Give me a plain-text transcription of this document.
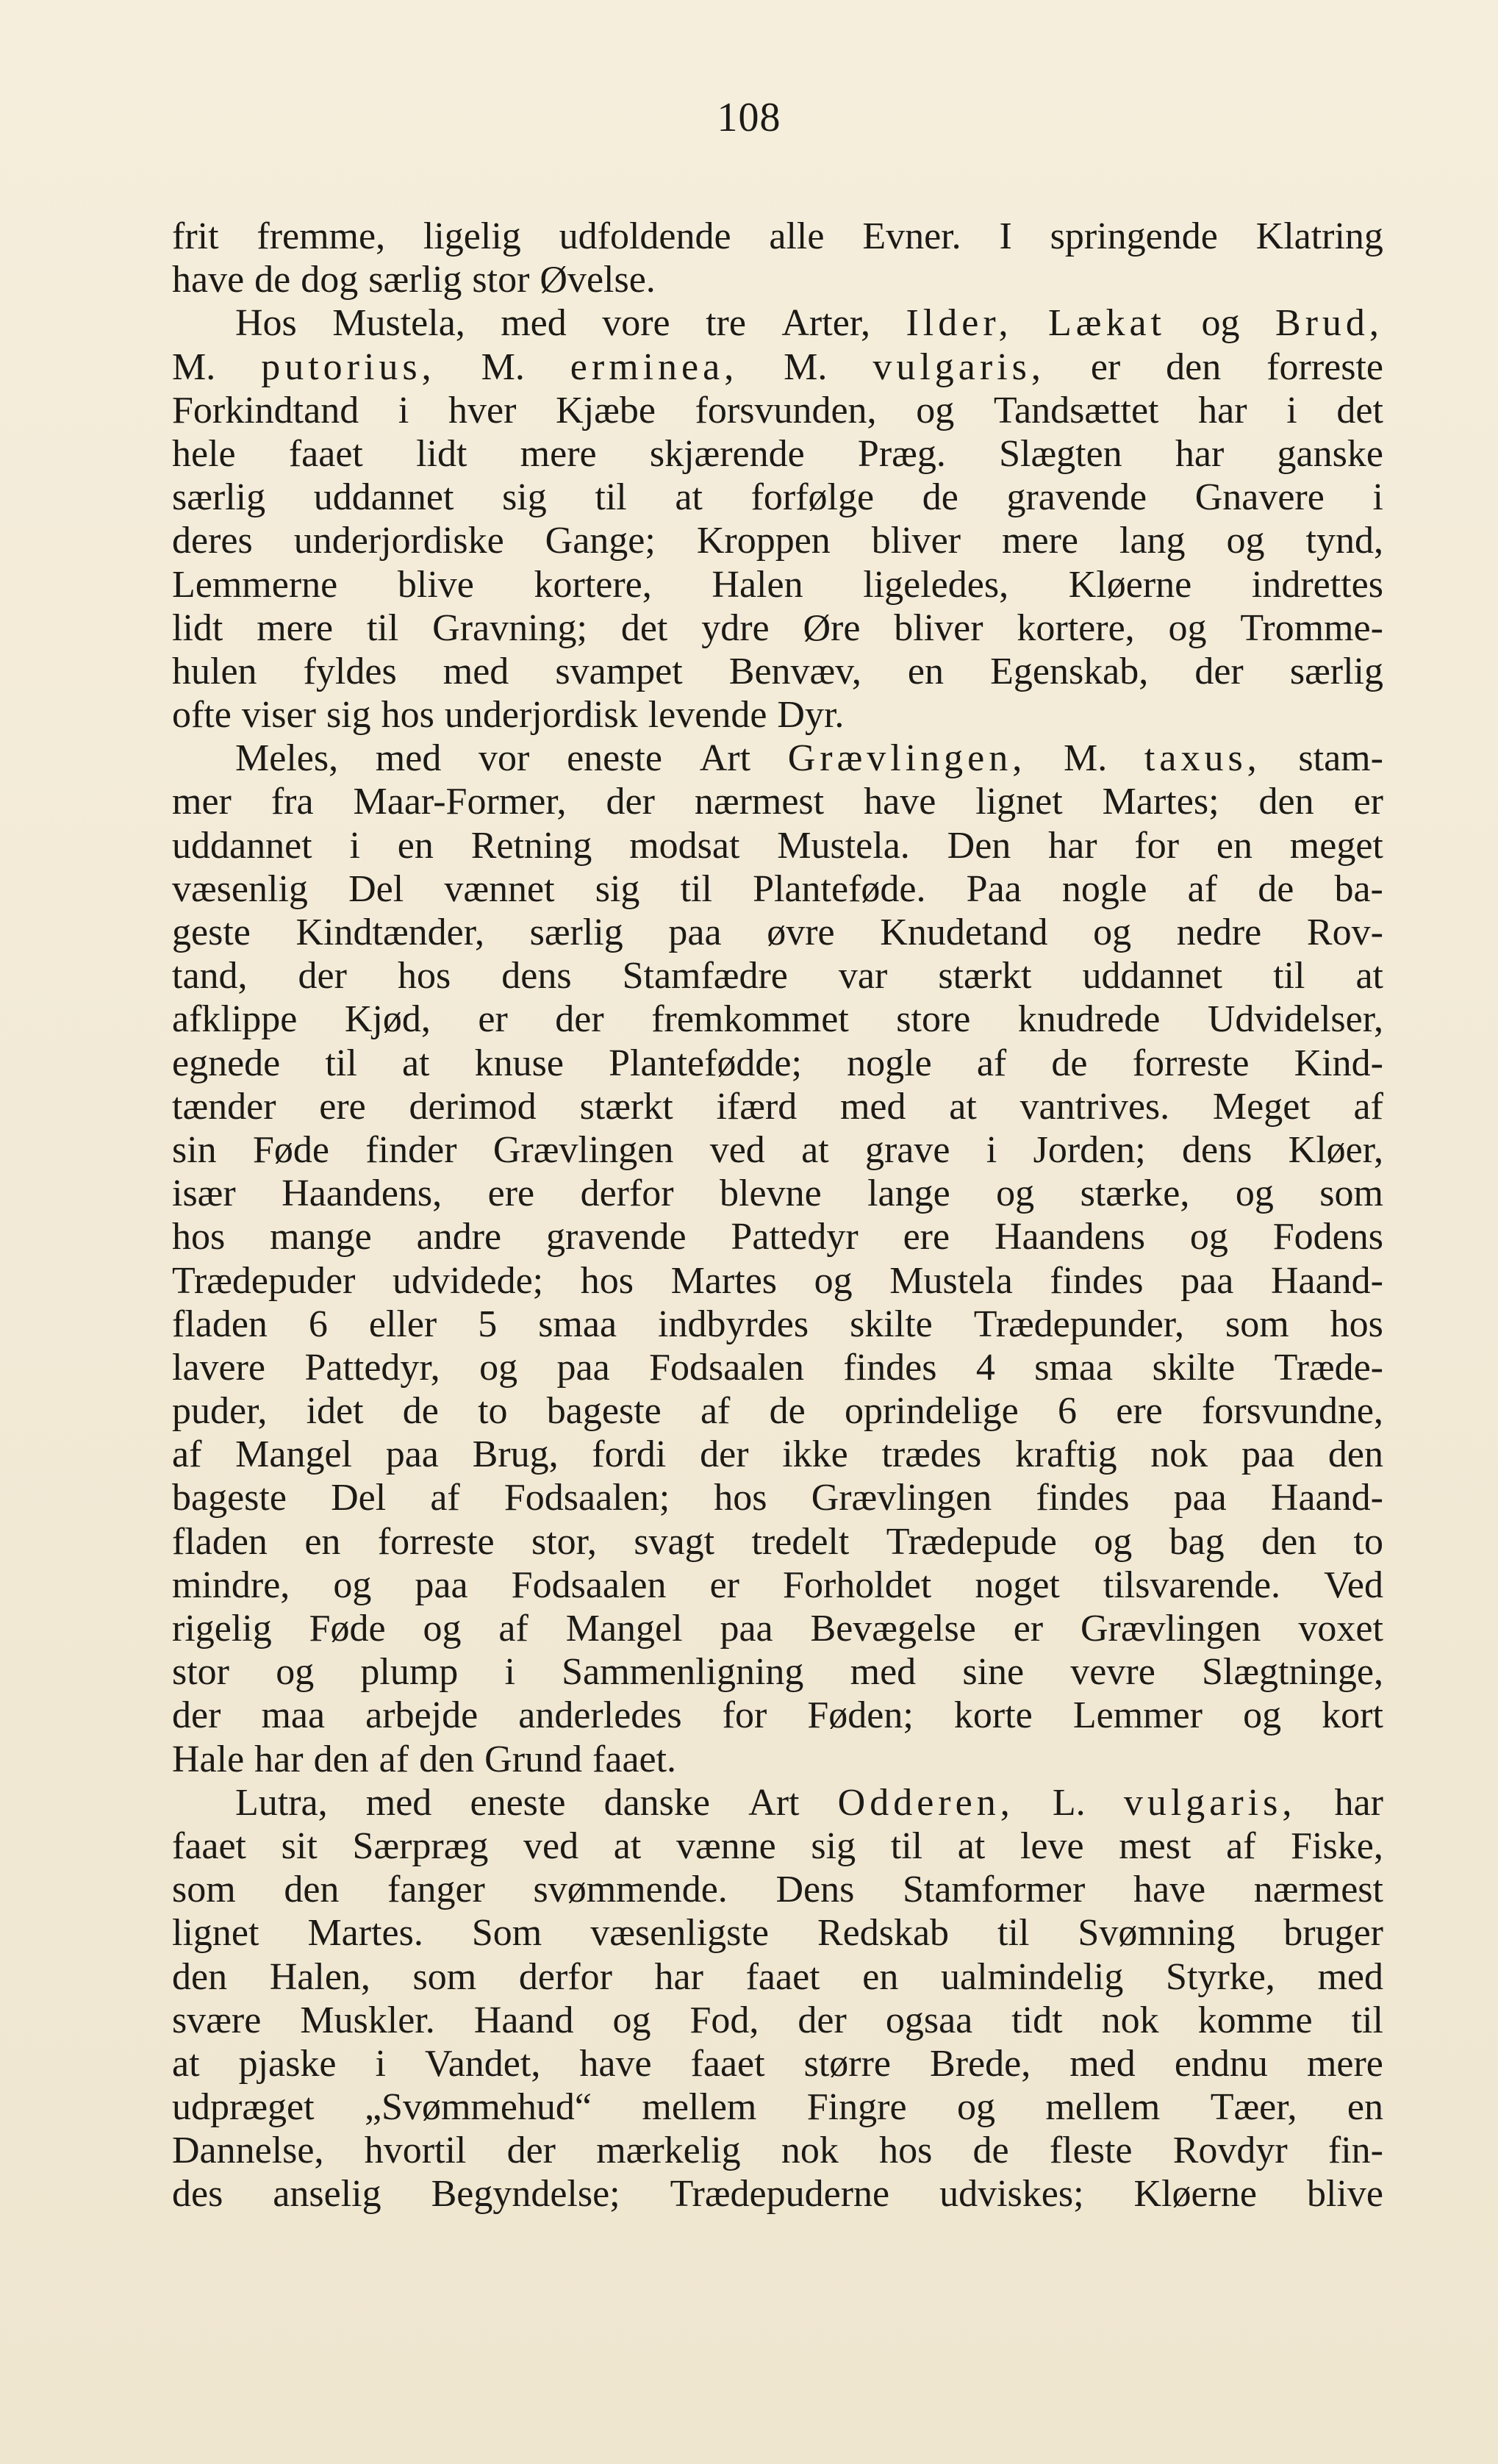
108
frit fremme, ligelig udfoldende alle Evner. I springende Klatring
have de dog særlig stor Øvelse.
Hos Mustela, med vore tre Arter, Ilder, Lækat og Brud,
M. putorius, M. erminea, M. vulgaris, er den forreste
Forkindtand i hver Kjæbe forsvunden, og Tandsættet har i det
hele faaet lidt mere skjærende Præg. Slægten har ganske
særlig uddannet sig til at forfølge de gravende Gnavere i
deres underjordiske Gange; Kroppen bliver mere lang og tynd,
Lemmerne blive kortere, Halen ligeledes, Kløerne indrettes
lidt mere til Gravning; det ydre Øre bliver kortere, og Tromme-
hulen fyldes med svampet Benvæv, en Egenskab, der særlig
ofte viser sig hos underjordisk levende Dyr.
Meles, med vor eneste Art Grævlingen, M. taxus, stam-
mer fra Maar-Former, der nærmest have lignet Martes; den er
uddannet i en Retning modsat Mustela. Den har for en meget
væsenlig Del vænnet sig til Planteføde. Paa nogle af de ba-
geste Kindtænder, særlig paa øvre Knudetand og nedre Rov-
tand, der hos dens Stamfædre var stærkt uddannet til at
afklippe Kjød, er der fremkommet store knudrede Udvidelser,
egnede til at knuse Plantefødde; nogle af de forreste Kind-
tænder ere derimod stærkt ifærd med at vantrives. Meget af
sin Føde finder Grævlingen ved at grave i Jorden; dens Kløer,
især Haandens, ere derfor blevne lange og stærke, og som
hos mange andre gravende Pattedyr ere Haandens og Fodens
Trædepuder udvidede; hos Martes og Mustela findes paa Haand-
fladen 6 eller 5 smaa indbyrdes skilte Trædepunder, som hos
lavere Pattedyr, og paa Fodsaalen findes 4 smaa skilte Træde-
puder, idet de to bageste af de oprindelige 6 ere forsvundne,
af Mangel paa Brug, fordi der ikke trædes kraftig nok paa den
bageste Del af Fodsaalen; hos Grævlingen findes paa Haand-
fladen en forreste stor, svagt tredelt Trædepude og bag den to
mindre, og paa Fodsaalen er Forholdet noget tilsvarende. Ved
rigelig Føde og af Mangel paa Bevægelse er Grævlingen voxet
stor og plump i Sammenligning med sine vevre Slægtninge,
der maa arbejde anderledes for Føden; korte Lemmer og kort
Hale har den af den Grund faaet.
Lutra, med eneste danske Art Odderen, L. vulgaris, har
faaet sit Særpræg ved at vænne sig til at leve mest af Fiske,
som den fanger svømmende. Dens Stamformer have nærmest
lignet Martes. Som væsenligste Redskab til Svømning bruger
den Halen, som derfor har faaet en ualmindelig Styrke, med
svære Muskler. Haand og Fod, der ogsaa tidt nok komme til
at pjaske i Vandet, have faaet større Brede, med endnu mere
udpræget „Svømmehud“ mellem Fingre og mellem Tæer, en
Dannelse, hvortil der mærkelig nok hos de fleste Rovdyr fin-
des anselig Begyndelse; Trædepuderne udviskes; Kløerne blive
